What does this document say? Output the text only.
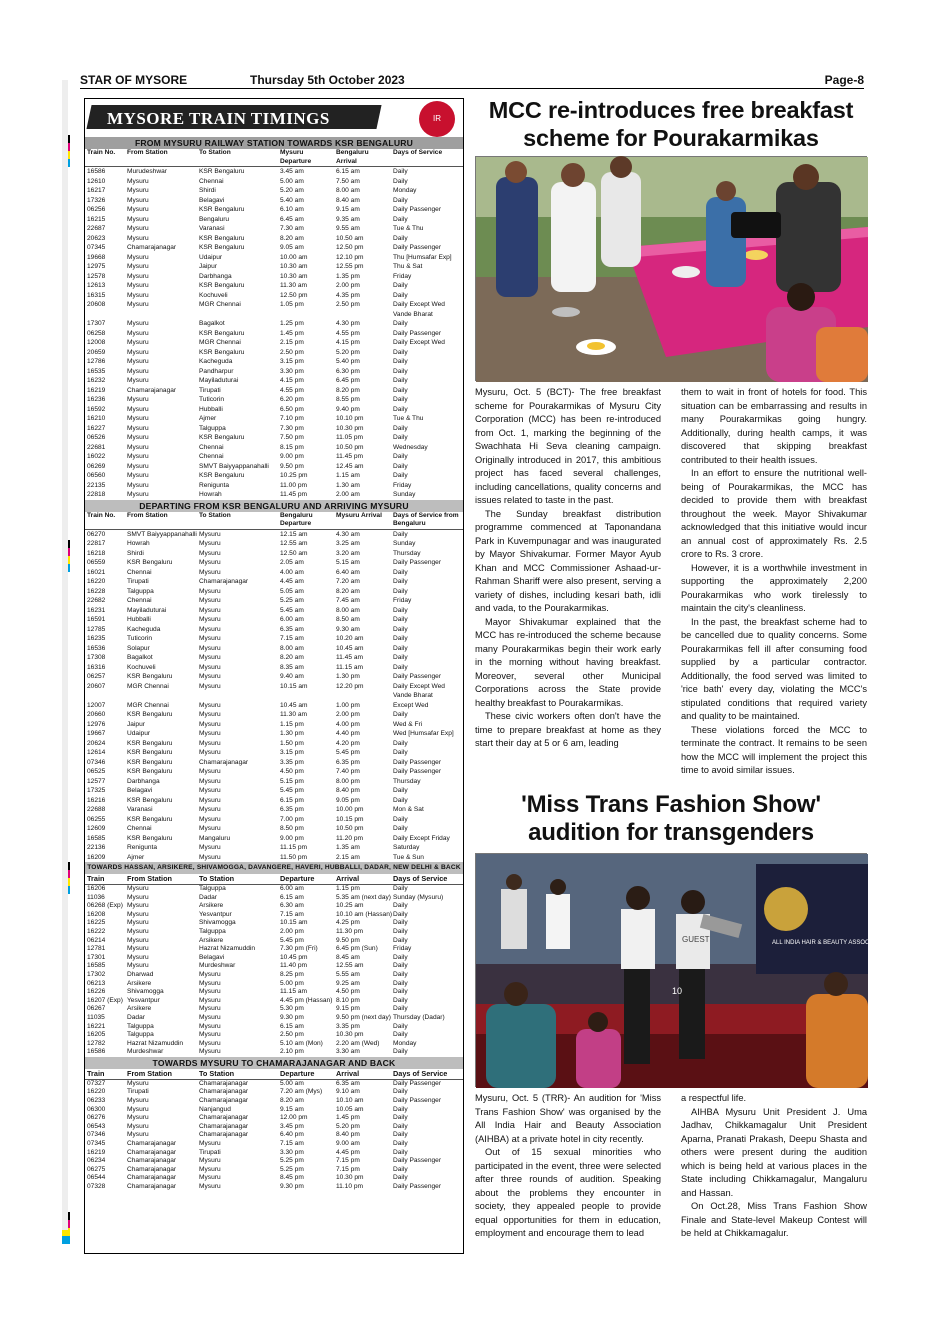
STAR OF MYSORE	Thursday 5th October 2023	Page-8
MYSORE TRAIN TIMINGS	IR
FROM MYSURU RAILWAY STATION TOWARDS KSR BENGALURU
Train No.	From Station	To Station	Mysuru Departure	Bengaluru Arrival	Days of Service
16586	Murudeshwar	KSR Bengaluru	3.45 am	6.15 am	Daily
12610	Mysuru	Chennai	5.00 am	7.50 am	Daily
16217	Mysuru	Shirdi	5.20 am	8.00 am	Monday
17326	Mysuru	Belagavi	5.40 am	8.40 am	Daily
06256	Mysuru	KSR Bengaluru	6.10 am	9.15 am	Daily Passenger
16215	Mysuru	Bengaluru	6.45 am	9.35 am	Daily
22687	Mysuru	Varanasi	7.30 am	9.55 am	Tue & Thu
20623	Mysuru	KSR Bengaluru	8.20 am	10.50 am	Daily
07345	Chamarajanagar	KSR Bengaluru	9.05 am	12.50 pm	Daily Passenger
19668	Mysuru	Udaipur	10.00 am	12.10 pm	Thu [Humsafar Exp]
12975	Mysuru	Jaipur	10.30 am	12.55 pm	Thu & Sat
12578	Mysuru	Darbhanga	10.30 am	1.35 pm	Friday
12613	Mysuru	KSR Bengaluru	11.30 am	2.00 pm	Daily
16315	Mysuru	Kochuveli	12.50 pm	4.35 pm	Daily
20608	Mysuru	MGR Chennai	1.05 pm	2.50 pm	Daily Except Wed
					Vande Bharat
17307	Mysuru	Bagalkot	1.25 pm	4.30 pm	Daily
06258	Mysuru	KSR Bengaluru	1.45 pm	4.55 pm	Daily Passenger
12008	Mysuru	MGR Chennai	2.15 pm	4.15 pm	Daily Except Wed
20659	Mysuru	KSR Bengaluru	2.50 pm	5.20 pm	Daily
12786	Mysuru	Kacheguda	3.15 pm	5.40 pm	Daily
16535	Mysuru	Pandharpur	3.30 pm	6.30 pm	Daily
16232	Mysuru	Mayiladuturai	4.15 pm	6.45 pm	Daily
16219	Chamarajanagar	Tirupati	4.55 pm	8.20 pm	Daily
16236	Mysuru	Tuticorin	6.20 pm	8.55 pm	Daily
16592	Mysuru	Hubballi	6.50 pm	9.40 pm	Daily
16210	Mysuru	Ajmer	7.10 pm	10.10 pm	Tue & Thu
16227	Mysuru	Talguppa	7.30 pm	10.30 pm	Daily
06526	Mysuru	KSR Bengaluru	7.50 pm	11.05 pm	Daily
22681	Mysuru	Chennai	8.15 pm	10.50 pm	Wednesday
16022	Mysuru	Chennai	9.00 pm	11.45 pm	Daily
06269	Mysuru	SMVT Baiyyappanahalli	9.50 pm	12.45 am	Daily
06560	Mysuru	KSR Bengaluru	10.25 pm	1.15 am	Daily
22135	Mysuru	Renigunta	11.00 pm	1.30 am	Friday
22818	Mysuru	Howrah	11.45 pm	2.00 am	Sunday
DEPARTING FROM KSR BENGALURU AND ARRIVING MYSURU
Train No.	From Station	To Station	Bengaluru Departure	Mysuru Arrival	Days of Service from Bengaluru
06270	SMVT Baiyyappanahalli	Mysuru	12.15 am	4.30 am	Daily
22817	Howrah	Mysuru	12.55 am	3.25 am	Sunday
16218	Shirdi	Mysuru	12.50 am	3.20 am	Thursday
06559	KSR Bengaluru	Mysuru	2.05 am	5.15 am	Daily Passenger
16021	Chennai	Mysuru	4.00 am	6.40 am	Daily
16220	Tirupati	Chamarajanagar	4.45 am	7.20 am	Daily
16228	Talguppa	Mysuru	5.05 am	8.20 am	Daily
22682	Chennai	Mysuru	5.25 am	7.45 am	Friday
16231	Mayiladuturai	Mysuru	5.45 am	8.00 am	Daily
16591	Hubballi	Mysuru	6.00 am	8.50 am	Daily
12785	Kacheguda	Mysuru	6.35 am	9.30 am	Daily
16235	Tuticorin	Mysuru	7.15 am	10.20 am	Daily
16536	Solapur	Mysuru	8.00 am	10.45 am	Daily
17308	Bagalkot	Mysuru	8.20 am	11.45 am	Daily
16316	Kochuveli	Mysuru	8.35 am	11.15 am	Daily
06257	KSR Bengaluru	Mysuru	9.40 am	1.30 pm	Daily Passenger
20607	MGR Chennai	Mysuru	10.15 am	12.20 pm	Daily Except Wed
					Vande Bharat
12007	MGR Chennai	Mysuru	10.45 am	1.00 pm	Except Wed
20660	KSR Bengaluru	Mysuru	11.30 am	2.00 pm	Daily
12976	Jaipur	Mysuru	1.15 pm	4.00 pm	Wed & Fri
19667	Udaipur	Mysuru	1.30 pm	4.40 pm	Wed [Humsafar Exp]
20624	KSR Bengaluru	Mysuru	1.50 pm	4.20 pm	Daily
12614	KSR Bengaluru	Mysuru	3.15 pm	5.45 pm	Daily
07346	KSR Bengaluru	Chamarajanagar	3.35 pm	6.35 pm	Daily Passenger
06525	KSR Bengaluru	Mysuru	4.50 pm	7.40 pm	Daily Passenger
12577	Darbhanga	Mysuru	5.15 pm	8.00 pm	Thursday
17325	Belagavi	Mysuru	5.45 pm	8.40 pm	Daily
16216	KSR Bengaluru	Mysuru	6.15 pm	9.05 pm	Daily
22688	Varanasi	Mysuru	6.35 pm	10.00 pm	Mon & Sat
06255	KSR Bengaluru	Mysuru	7.00 pm	10.15 pm	Daily
12609	Chennai	Mysuru	8.50 pm	10.50 pm	Daily
16585	KSR Bengaluru	Mangaluru	9.00 pm	11.20 pm	Daily Except Friday
22136	Renigunta	Mysuru	11.15 pm	1.35 am	Saturday
16209	Ajmer	Mysuru	11.50 pm	2.15 am	Tue & Sun
TOWARDS HASSAN, ARSIKERE, SHIVAMOGGA, DAVANGERE, HAVERI, HUBBALLI, DADAR, NEW DELHI & BACK
Train	From Station	To Station	Departure	Arrival	Days of Service
16206	Mysuru	Talguppa	6.00 am	1.15 pm	Daily
11036	Mysuru	Dadar	6.15 am	5.35 am (next day)	Sunday (Mysuru)
06268 (Exp)	Mysuru	Arsikere	6.30 am	10.25 am	Daily
16208	Mysuru	Yesvantpur	7.15 am	10.10 am (Hassan)	Daily
16225	Mysuru	Shivamogga	10.15 am	4.25 pm	Daily
16222	Mysuru	Talguppa	2.00 pm	11.30 pm	Daily
06214	Mysuru	Arsikere	5.45 pm	9.50 pm	Daily
12781	Mysuru	Hazrat Nizamuddin	7.30 pm (Fri)	6.45 pm (Sun)	Friday
17301	Mysuru	Belagavi	10.45 pm	8.45 am	Daily
16585	Mysuru	Murdeshwar	11.40 pm	12.55 am	Daily
17302	Dharwad	Mysuru	8.25 pm	5.55 am	Daily
06213	Arsikere	Mysuru	5.00 pm	9.25 am	Daily
16226	Shivamogga	Mysuru	11.15 am	4.50 pm	Daily
16207 (Exp)	Yesvantpur	Mysuru	4.45 pm (Hassan)	8.10 pm	Daily
06267	Arsikere	Mysuru	5.30 pm	9.15 pm	Daily
11035	Dadar	Mysuru	9.30 pm	9.50 pm (next day)	Thursday (Dadar)
16221	Talguppa	Mysuru	6.15 am	3.35 pm	Daily
16205	Talguppa	Mysuru	2.50 pm	10.30 pm	Daily
12782	Hazrat Nizamuddin	Mysuru	5.10 am (Mon)	2.20 am (Wed)	Monday
16586	Murdeshwar	Mysuru	2.10 pm	3.30 am	Daily
TOWARDS MYSURU TO CHAMARAJANAGAR AND BACK
Train	From Station	To Station	Departure	Arrival	Days of Service
07327	Mysuru	Chamarajanagar	5.00 am	6.35 am	Daily Passenger
16220	Tirupati	Chamarajanagar	7.20 am (Mys)	9.10 am	Daily
06233	Mysuru	Chamarajanagar	8.20 am	10.10 am	Daily Passenger
06300	Mysuru	Nanjangud	9.15 am	10.05 am	Daily
06276	Mysuru	Chamarajanagar	12.00 pm	1.45 pm	Daily
06543	Mysuru	Chamarajanagar	3.45 pm	5.20 pm	Daily
07346	Mysuru	Chamarajanagar	6.40 pm	8.40 pm	Daily
07345	Chamarajanagar	Mysuru	7.15 am	9.00 am	Daily
16219	Chamarajanagar	Tirupati	3.30 pm	4.45 pm	Daily
06234	Chamarajanagar	Mysuru	5.25 pm	7.15 pm	Daily Passenger
06275	Chamarajanagar	Mysuru	5.25 pm	7.15 pm	Daily
06544	Chamarajanagar	Mysuru	8.45 pm	10.30 pm	Daily
07328	Chamarajanagar	Mysuru	9.30 pm	11.10 pm	Daily Passenger
MCC re-introduces free breakfast scheme for Pourakarmikas

Mysuru, Oct. 5 (BCT)- The free breakfast scheme for Pourakarmikas of Mysuru City Corporation (MCC) has been re-introduced from Oct. 1, marking the beginning of the Swachhata Hi Seva cleaning campaign. Originally introduced in 2017, this ambitious project has faced several challenges, including cancellations, quality concerns and issues related to taste in the past.

The Sunday breakfast distribution programme commenced at Taponandana Park in Kuvempunagar and was inaugurated by Mayor Shivakumar. Former Mayor Ayub Khan and MCC Commissioner Ashaad-ur-Rahman Shariff were also present, serving a variety of dishes, including kesari bath, idli and vada, to the Pourakarmikas.

Mayor Shivakumar explained that the MCC has re-introduced the scheme because many Pourakarmikas begin their work early in the morning without having breakfast. Moreover, several other Municipal Corporations across the State provide healthy breakfast to Pourakarmikas.

These civic workers often don't have the time to prepare breakfast at home as they start their day at 5 or 6 am, leading

them to wait in front of hotels for food. This situation can be embarrassing and results in many Pourakarmikas going hungry. Additionally, during health camps, it was discovered that skipping breakfast contributed to their health issues.

In an effort to ensure the nutritional well-being of Pourakarmikas, the MCC has decided to provide them with breakfast throughout the week. Mayor Shivakumar acknowledged that this initiative would incur an annual cost of approximately Rs. 2.5 crore to Rs. 3 crore.

However, it is a worthwhile investment in supporting the approximately 2,200 Pourakarmikas who work tirelessly to maintain the city's cleanliness.

In the past, the breakfast scheme had to be cancelled due to quality concerns. Some Pourakarmikas fell ill after consuming food supplied by a particular contractor. Additionally, the food served was limited to 'rice bath' every day, violating the MCC's stipulated conditions that required variety and quality to be maintained.

These violations forced the MCC to terminate the contract. It remains to be seen how the MCC will implement the project this time to avoid similar issues.

'Miss Trans Fashion Show' audition for transgenders
ALL INDIA HAIR & BEAUTY ASSOCIATION
GUEST
10

Mysuru, Oct. 5 (TRR)- An audition for 'Miss Trans Fashion Show' was organised by the All India Hair and Beauty Association (AIHBA) at a private hotel in city recently.

Out of 15 sexual minorities who participated in the event, three were selected after three rounds of audition. Speaking about the problems they encounter in society, they appealed people to provide equal opportunities for them in education, employment and encourage them to lead

a respectful life.

AIHBA Mysuru Unit President J. Uma Jadhav, Chikkamagalur Unit President Aparna, Pranati Prakash, Deepu Shasta and others were present during the audition which is being held at various places in the State including Chikkamagalur, Mangaluru and Hassan.

On Oct.28, Miss Trans Fashion Show Finale and State-level Makeup Contest will be held at Chikkamagalur.
